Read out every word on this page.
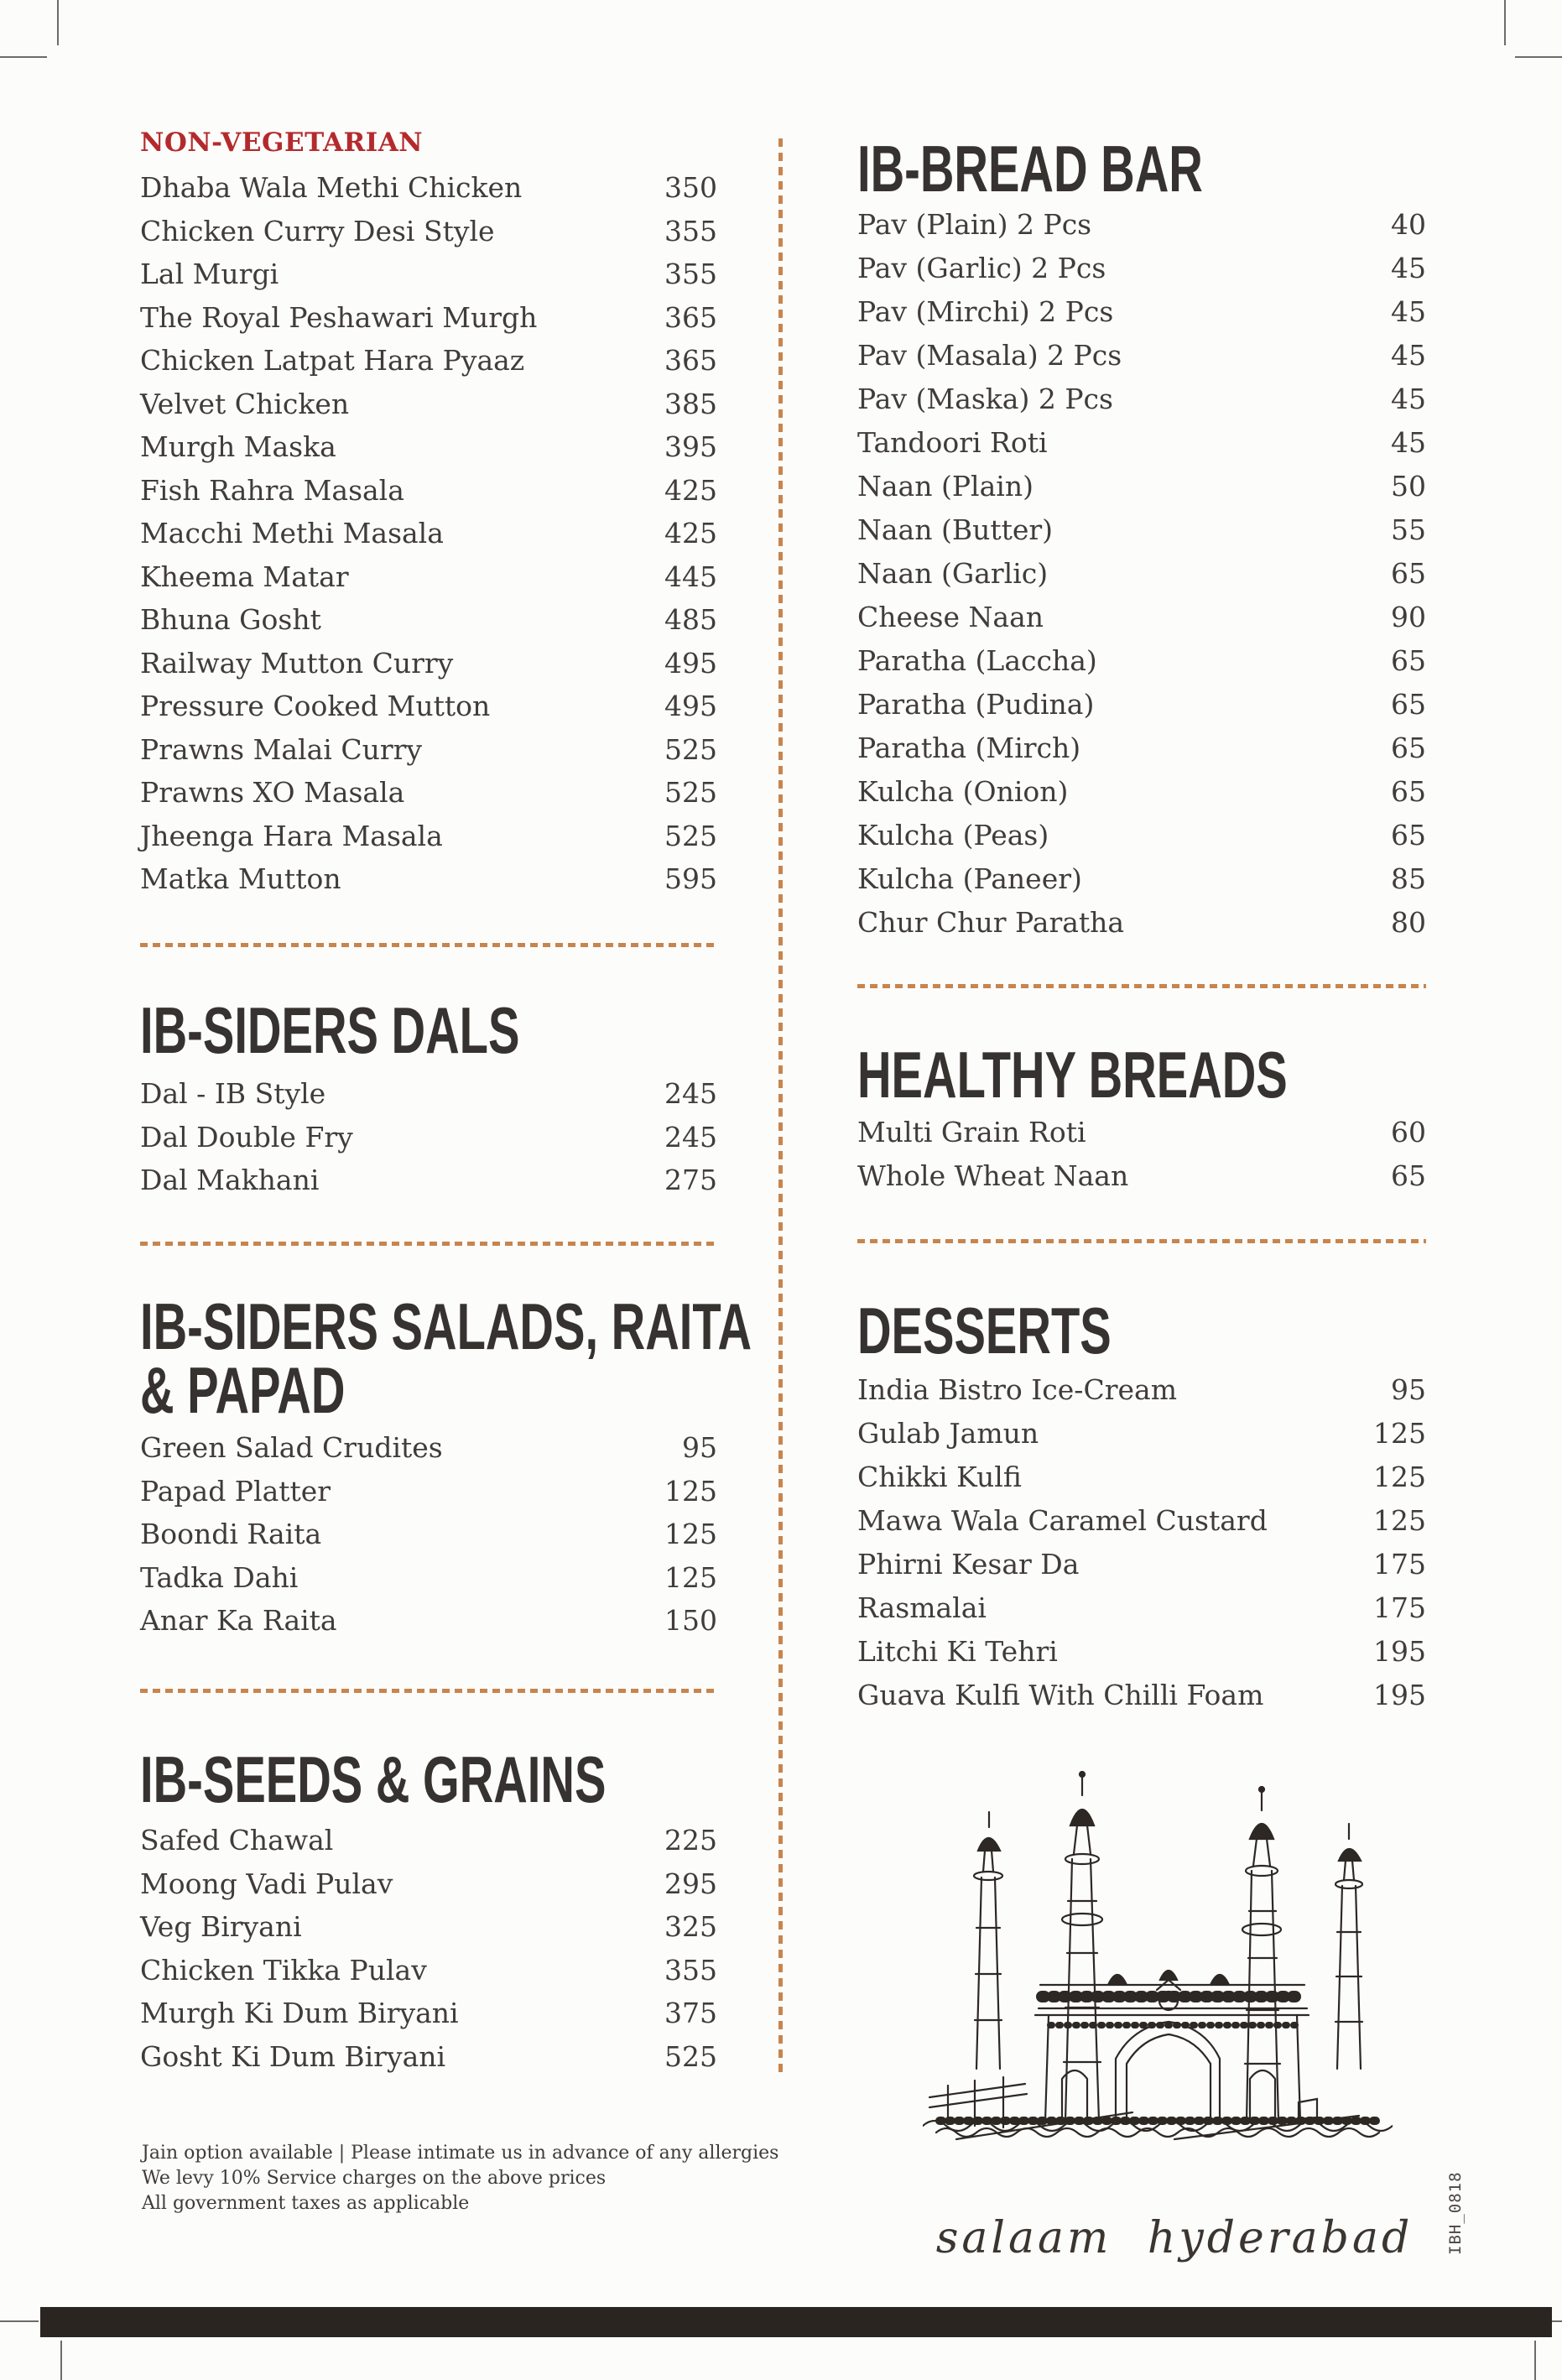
NON-VEGETARIAN
Dhaba Wala Methi Chicken	350
Chicken Curry Desi Style	355
Lal Murgi	355
The Royal Peshawari Murgh	365
Chicken Latpat Hara Pyaaz	365
Velvet Chicken	385
Murgh Maska	395
Fish Rahra Masala	425
Macchi Methi Masala	425
Kheema Matar	445
Bhuna Gosht	485
Railway Mutton Curry	495
Pressure Cooked Mutton	495
Prawns Malai Curry	525
Prawns XO Masala	525
Jheenga Hara Masala	525
Matka Mutton	595
IB-SIDERS DALS
Dal - IB Style	245
Dal Double Fry	245
Dal Makhani	275
IB-SIDERS SALADS, RAITA
& PAPAD
Green Salad Crudites	95
Papad Platter	125
Boondi Raita	125
Tadka Dahi	125
Anar Ka Raita	150
IB-SEEDS & GRAINS
Safed Chawal	225
Moong Vadi Pulav	295
Veg Biryani	325
Chicken Tikka Pulav	355
Murgh Ki Dum Biryani	375
Gosht Ki Dum Biryani	525
Jain option available | Please intimate us in advance of any allergies
We levy 10% Service charges on the above prices
All government taxes as applicable
IB-BREAD BAR
Pav (Plain) 2 Pcs	40
Pav (Garlic) 2 Pcs	45
Pav (Mirchi) 2 Pcs	45
Pav (Masala) 2 Pcs	45
Pav (Maska) 2 Pcs	45
Tandoori Roti	45
Naan (Plain)	50
Naan (Butter)	55
Naan (Garlic)	65
Cheese Naan	90
Paratha (Laccha)	65
Paratha (Pudina)	65
Paratha (Mirch)	65
Kulcha (Onion)	65
Kulcha (Peas)	65
Kulcha (Paneer)	85
Chur Chur Paratha	80
HEALTHY BREADS
Multi Grain Roti	60
Whole Wheat Naan	65
DESSERTS
India Bistro Ice-Cream	95
Gulab Jamun	125
Chikki Kulfi	125
Mawa Wala Caramel Custard	125
Phirni Kesar Da	175
Rasmalai	175
Litchi Ki Tehri	195
Guava Kulfi With Chilli Foam	195
salaam hyderabad	IBH_0818
